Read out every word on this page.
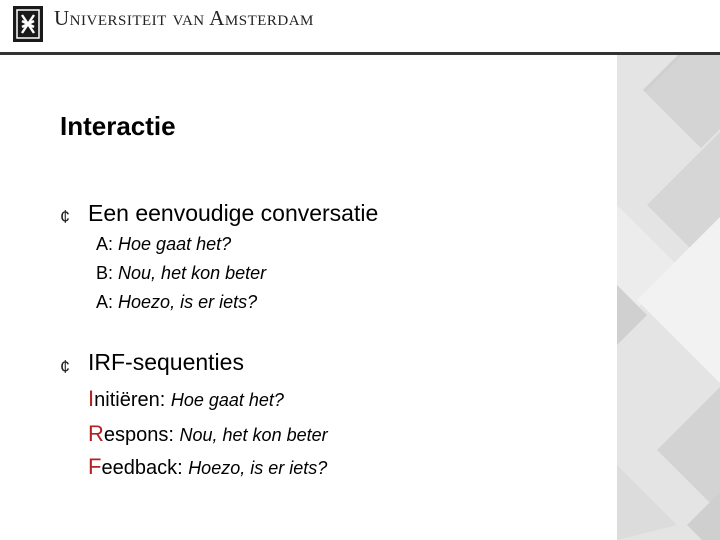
Universiteit van Amsterdam
Interactie
¢ Een eenvoudige conversatie
A: Hoe gaat het?
B: Nou, het kon beter
A: Hoezo, is er iets?
¢ IRF-sequenties
Initiëren: Hoe gaat het?
Respons: Nou, het kon beter
Feedback: Hoezo, is er iets?
